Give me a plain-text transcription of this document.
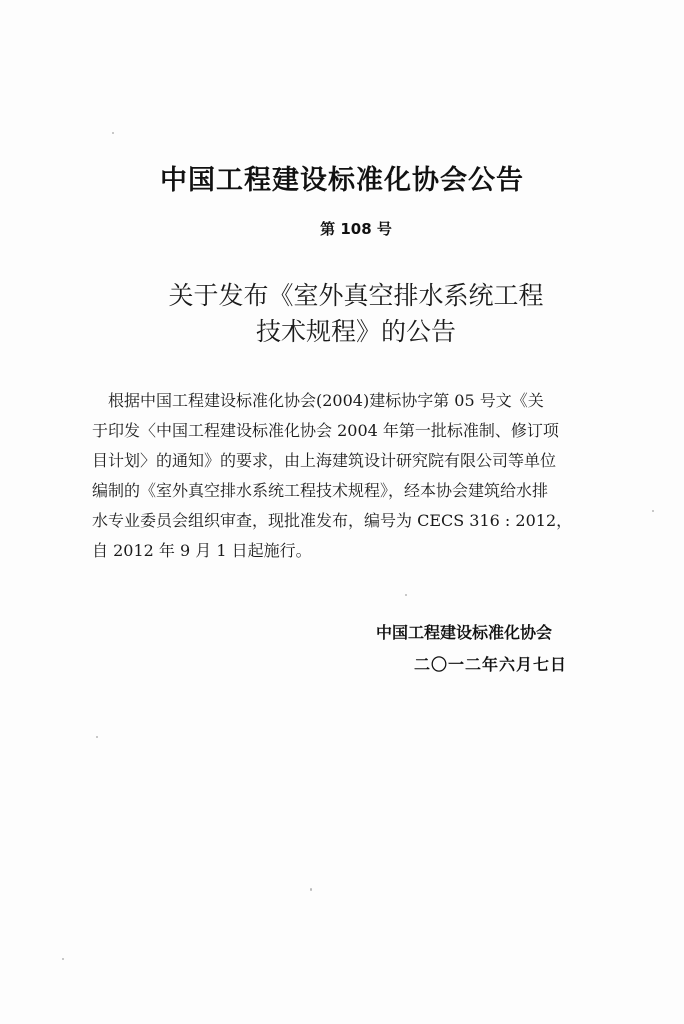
中国工程建设标准化协会公告
第 108 号
关于发布《室外真空排水系统工程
技术规程》的公告

　根据中国工程建设标准化协会(2004)建标协字第 05 号文《关
于印发〈中国工程建设标准化协会 2004 年第一批标准制、修订项
目计划〉的通知》的要求，由上海建筑设计研究院有限公司等单位
编制的《室外真空排水系统工程技术规程》，经本协会建筑给水排
水专业委员会组织审查，现批准发布，编号为 CECS 316 : 2012，
自 2012 年 9 月 1 日起施行。

中国工程建设标准化协会
二〇一二年六月七日
